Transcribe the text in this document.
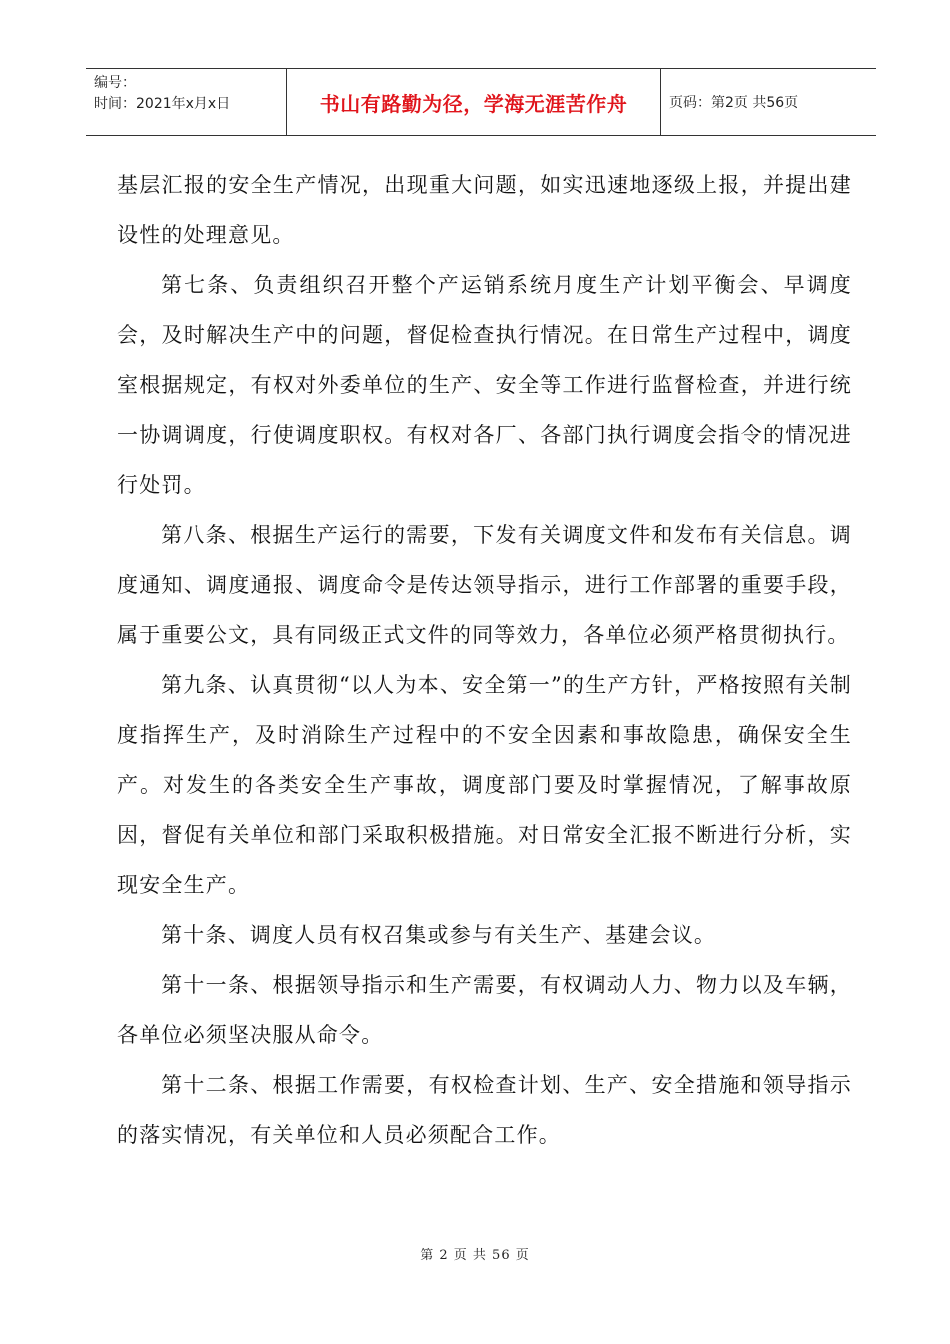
编号：
时间：2021年x月x日	书山有路勤为径，学海无涯苦作舟	页码：第2页 共56页

基层汇报的安全生产情况，出现重大问题，如实迅速地逐级上报，并提出建设性的处理意见。

第七条、负责组织召开整个产运销系统月度生产计划平衡会、早调度会，及时解决生产中的问题，督促检查执行情况。在日常生产过程中，调度室根据规定，有权对外委单位的生产、安全等工作进行监督检查，并进行统一协调调度，行使调度职权。有权对各厂、各部门执行调度会指令的情况进行处罚。

第八条、根据生产运行的需要，下发有关调度文件和发布有关信息。调度通知、调度通报、调度命令是传达领导指示，进行工作部署的重要手段，属于重要公文，具有同级正式文件的同等效力，各单位必须严格贯彻执行。

第九条、认真贯彻“以人为本、安全第一”的生产方针，严格按照有关制度指挥生产，及时消除生产过程中的不安全因素和事故隐患，确保安全生产。对发生的各类安全生产事故，调度部门要及时掌握情况，了解事故原因，督促有关单位和部门采取积极措施。对日常安全汇报不断进行分析，实现安全生产。

第十条、调度人员有权召集或参与有关生产、基建会议。

第十一条、根据领导指示和生产需要，有权调动人力、物力以及车辆，各单位必须坚决服从命令。

第十二条、根据工作需要，有权检查计划、生产、安全措施和领导指示的落实情况，有关单位和人员必须配合工作。

第 2 页 共 56 页
